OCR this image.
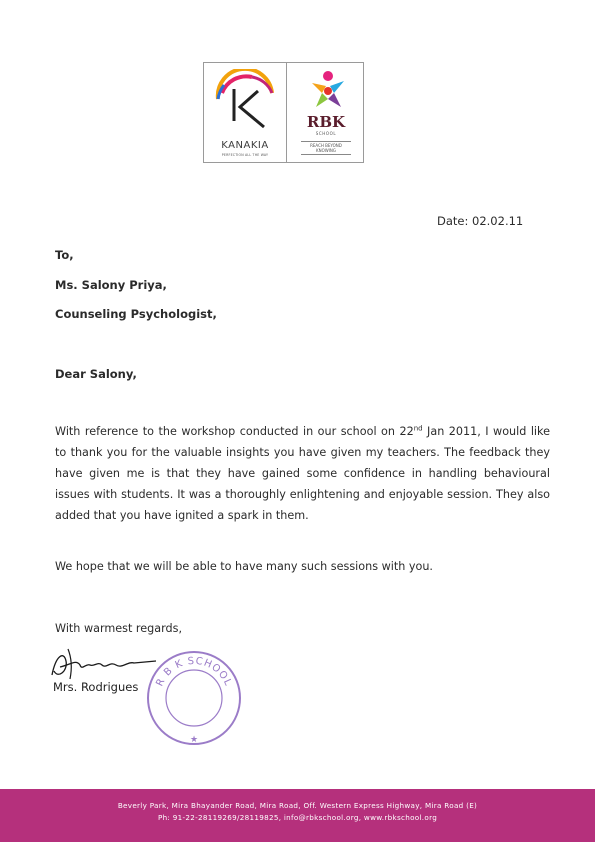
KANAKIA
PERFECTION ALL THE WAY
RBK
SCHOOL
REACH BEYOND
KNOWING
Date: 02.02.11
To,
Ms. Salony Priya,
Counseling Psychologist,
Dear Salony,
With reference to the workshop conducted in our school on 22nd Jan 2011, I would like to thank you for the valuable insights you have given my teachers. The feedback they have given me is that they have gained some confidence in handling behavioural issues with students. It was a thoroughly enlightening and enjoyable session. They also added that you have ignited a spark in them.
We hope that we will be able to have many such sessions with you.
With warmest regards,
R B K SCHOOL
★
Mrs. Rodrigues
Beverly Park, Mira Bhayander Road, Mira Road, Off. Western Express Highway, Mira Road (E)
Ph: 91-22-28119269/28119825, info@rbkschool.org, www.rbkschool.org
